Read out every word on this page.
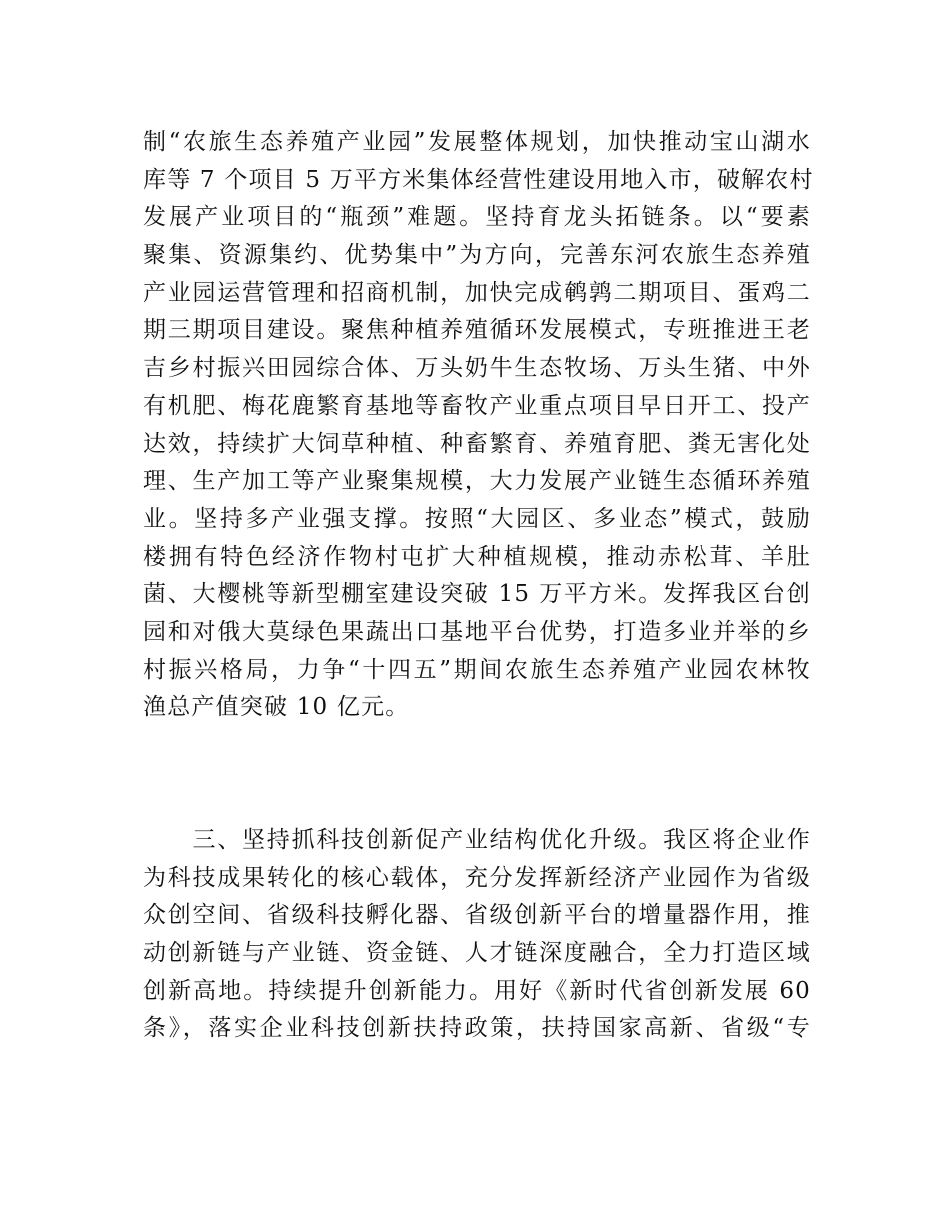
制“农旅生态养殖产业园”发展整体规划，加快推动宝山湖水
库等 7 个项目 5 万平方米集体经营性建设用地入市，破解农村
发展产业项目的“瓶颈”难题。坚持育龙头拓链条。以“要素
聚集、资源集约、优势集中”为方向，完善东河农旅生态养殖
产业园运营管理和招商机制，加快完成鹌鹑二期项目、蛋鸡二
期三期项目建设。聚焦种植养殖循环发展模式，专班推进王老
吉乡村振兴田园综合体、万头奶牛生态牧场、万头生猪、中外
有机肥、梅花鹿繁育基地等畜牧产业重点项目早日开工、投产
达效，持续扩大饲草种植、种畜繁育、养殖育肥、粪无害化处
理、生产加工等产业聚集规模，大力发展产业链生态循环养殖
业。坚持多产业强支撑。按照“大园区、多业态”模式，鼓励
楼拥有特色经济作物村屯扩大种植规模，推动赤松茸、羊肚
菌、大樱桃等新型棚室建设突破 15 万平方米。发挥我区台创
园和对俄大莫绿色果蔬出口基地平台优势，打造多业并举的乡
村振兴格局，力争“十四五”期间农旅生态养殖产业园农林牧
渔总产值突破 10 亿元。
　　三、坚持抓科技创新促产业结构优化升级。我区将企业作
为科技成果转化的核心载体，充分发挥新经济产业园作为省级
众创空间、省级科技孵化器、省级创新平台的增量器作用，推
动创新链与产业链、资金链、人才链深度融合，全力打造区域
创新高地。持续提升创新能力。用好《新时代省创新发展 60
条》，落实企业科技创新扶持政策，扶持国家高新、省级“专
